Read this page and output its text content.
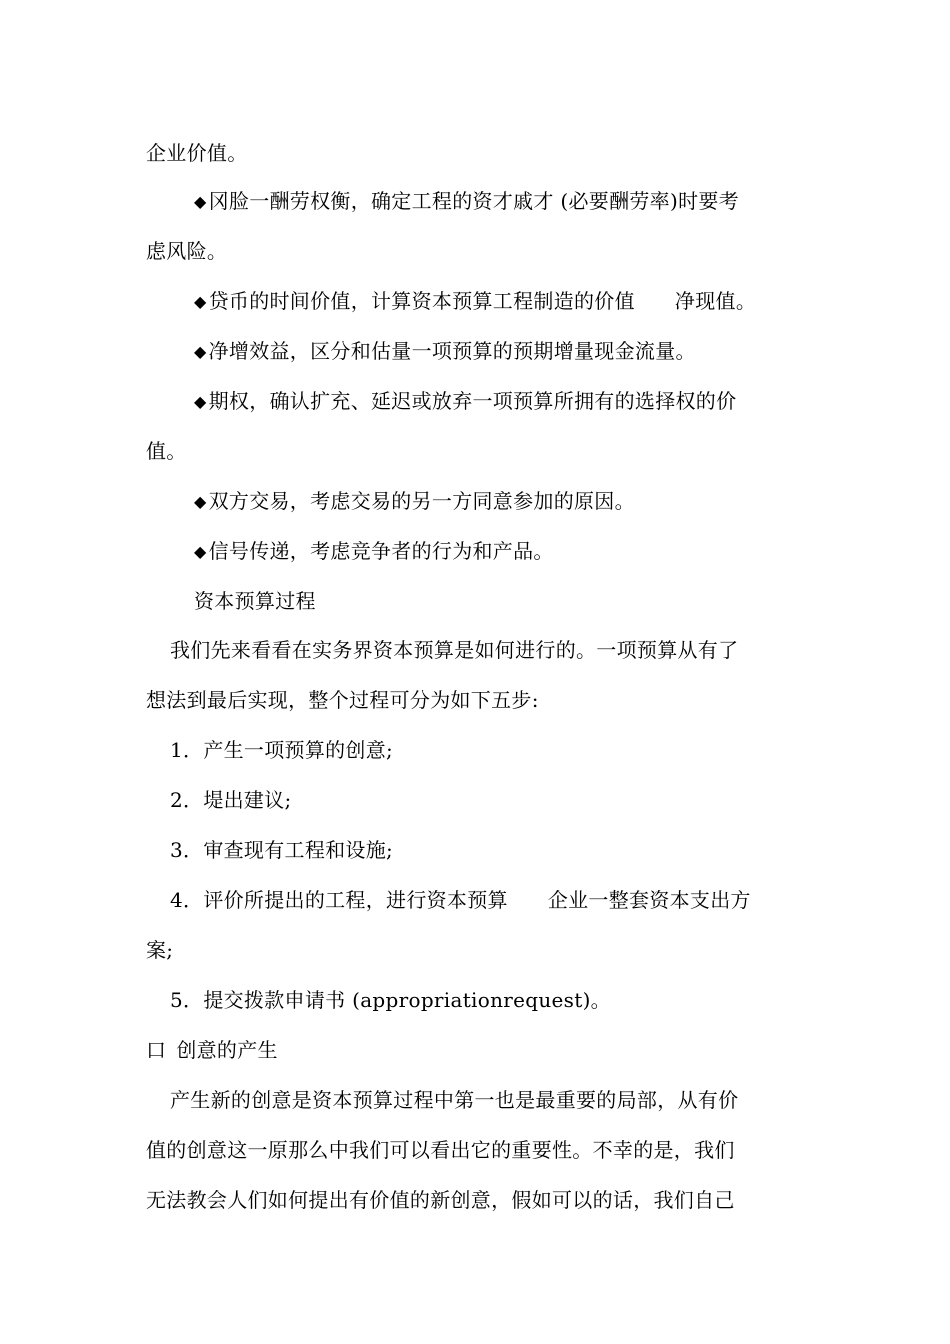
企业价值。
◆ 冈脸一酬劳权衡，确定工程的资才戚才 (必要酬劳率)时要考
虑风险。
◆ 贷币的时间价值，计算资本预算工程制造的价值 净现值。
◆ 净增效益，区分和估量一项预算的预期增量现金流量。
◆ 期权，确认扩充、延迟或放弃一项预算所拥有的选择权的价
值。
◆ 双方交易，考虑交易的另一方同意参加的原因。
◆ 信号传递，考虑竞争者的行为和产品。
资本预算过程
我们先来看看在实务界资本预算是如何进行的。一项预算从有了
想法到最后实现，整个过程可分为如下五步:
1．产生一项预算的创意;
2．堤出建议;
3．审查现有工程和设施;
4．评价所提出的工程，进行资本预算 企业一整套资本支出方
案;
5．提交拨款申请书 (appropriationrequest)。
口 创意的产生
产生新的创意是资本预算过程中第一也是最重要的局部，从有价
值的创意这一原那么中我们可以看出它的重要性。不幸的是，我们
无法教会人们如何提出有价值的新创意，假如可以的话，我们自己
